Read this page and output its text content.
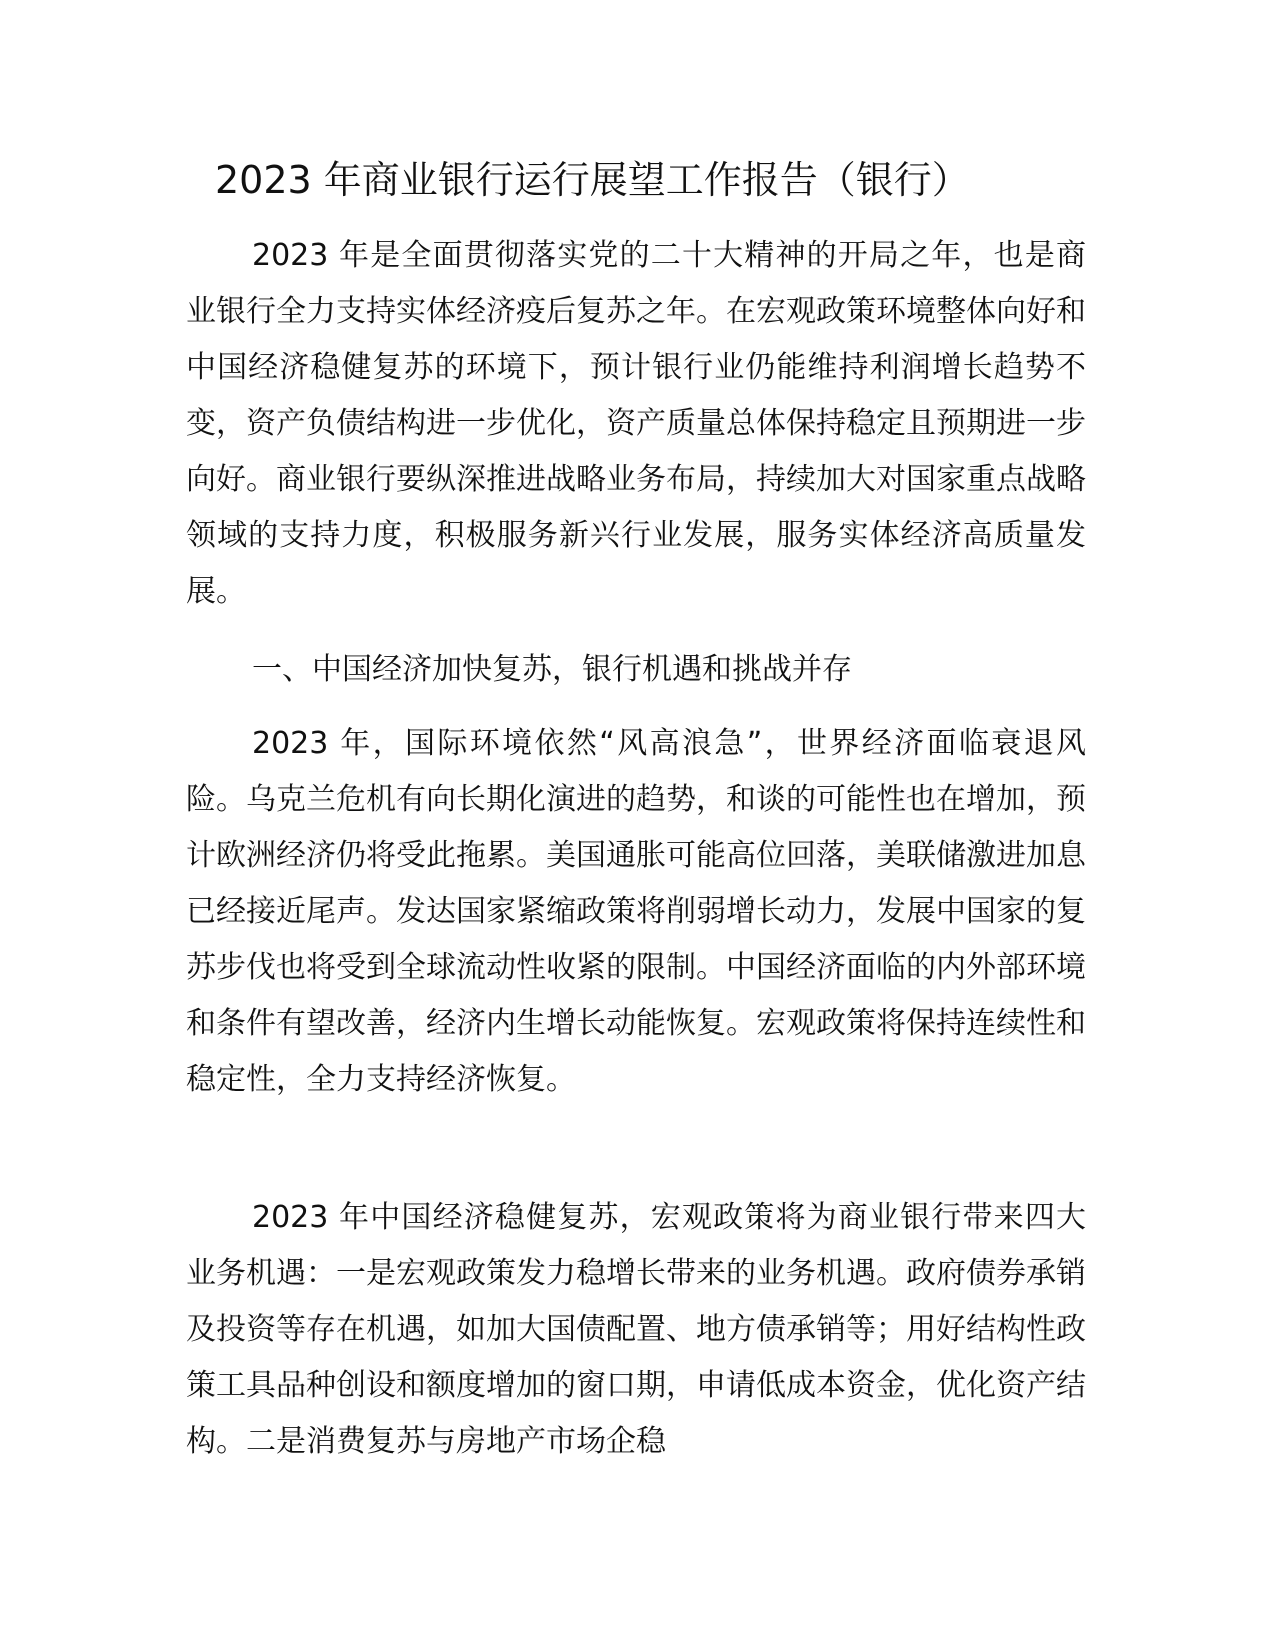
2023 年商业银行运行展望工作报告（银行）

2023 年是全面贯彻落实党的二十大精神的开局之年，也是商业银行全力支持实体经济疫后复苏之年。在宏观政策环境整体向好和中国经济稳健复苏的环境下，预计银行业仍能维持利润增长趋势不变，资产负债结构进一步优化，资产质量总体保持稳定且预期进一步向好。商业银行要纵深推进战略业务布局，持续加大对国家重点战略领域的支持力度，积极服务新兴行业发展，服务实体经济高质量发展。

一、中国经济加快复苏，银行机遇和挑战并存

2023 年，国际环境依然“风高浪急”，世界经济面临衰退风险。乌克兰危机有向长期化演进的趋势，和谈的可能性也在增加，预计欧洲经济仍将受此拖累。美国通胀可能高位回落，美联储激进加息已经接近尾声。发达国家紧缩政策将削弱增长动力，发展中国家的复苏步伐也将受到全球流动性收紧的限制。中国经济面临的内外部环境和条件有望改善，经济内生增长动能恢复。宏观政策将保持连续性和稳定性，全力支持经济恢复。

2023 年中国经济稳健复苏，宏观政策将为商业银行带来四大业务机遇：一是宏观政策发力稳增长带来的业务机遇。政府债券承销及投资等存在机遇，如加大国债配置、地方债承销等；用好结构性政策工具品种创设和额度增加的窗口期，申请低成本资金，优化资产结构。二是消费复苏与房地产市场企稳
